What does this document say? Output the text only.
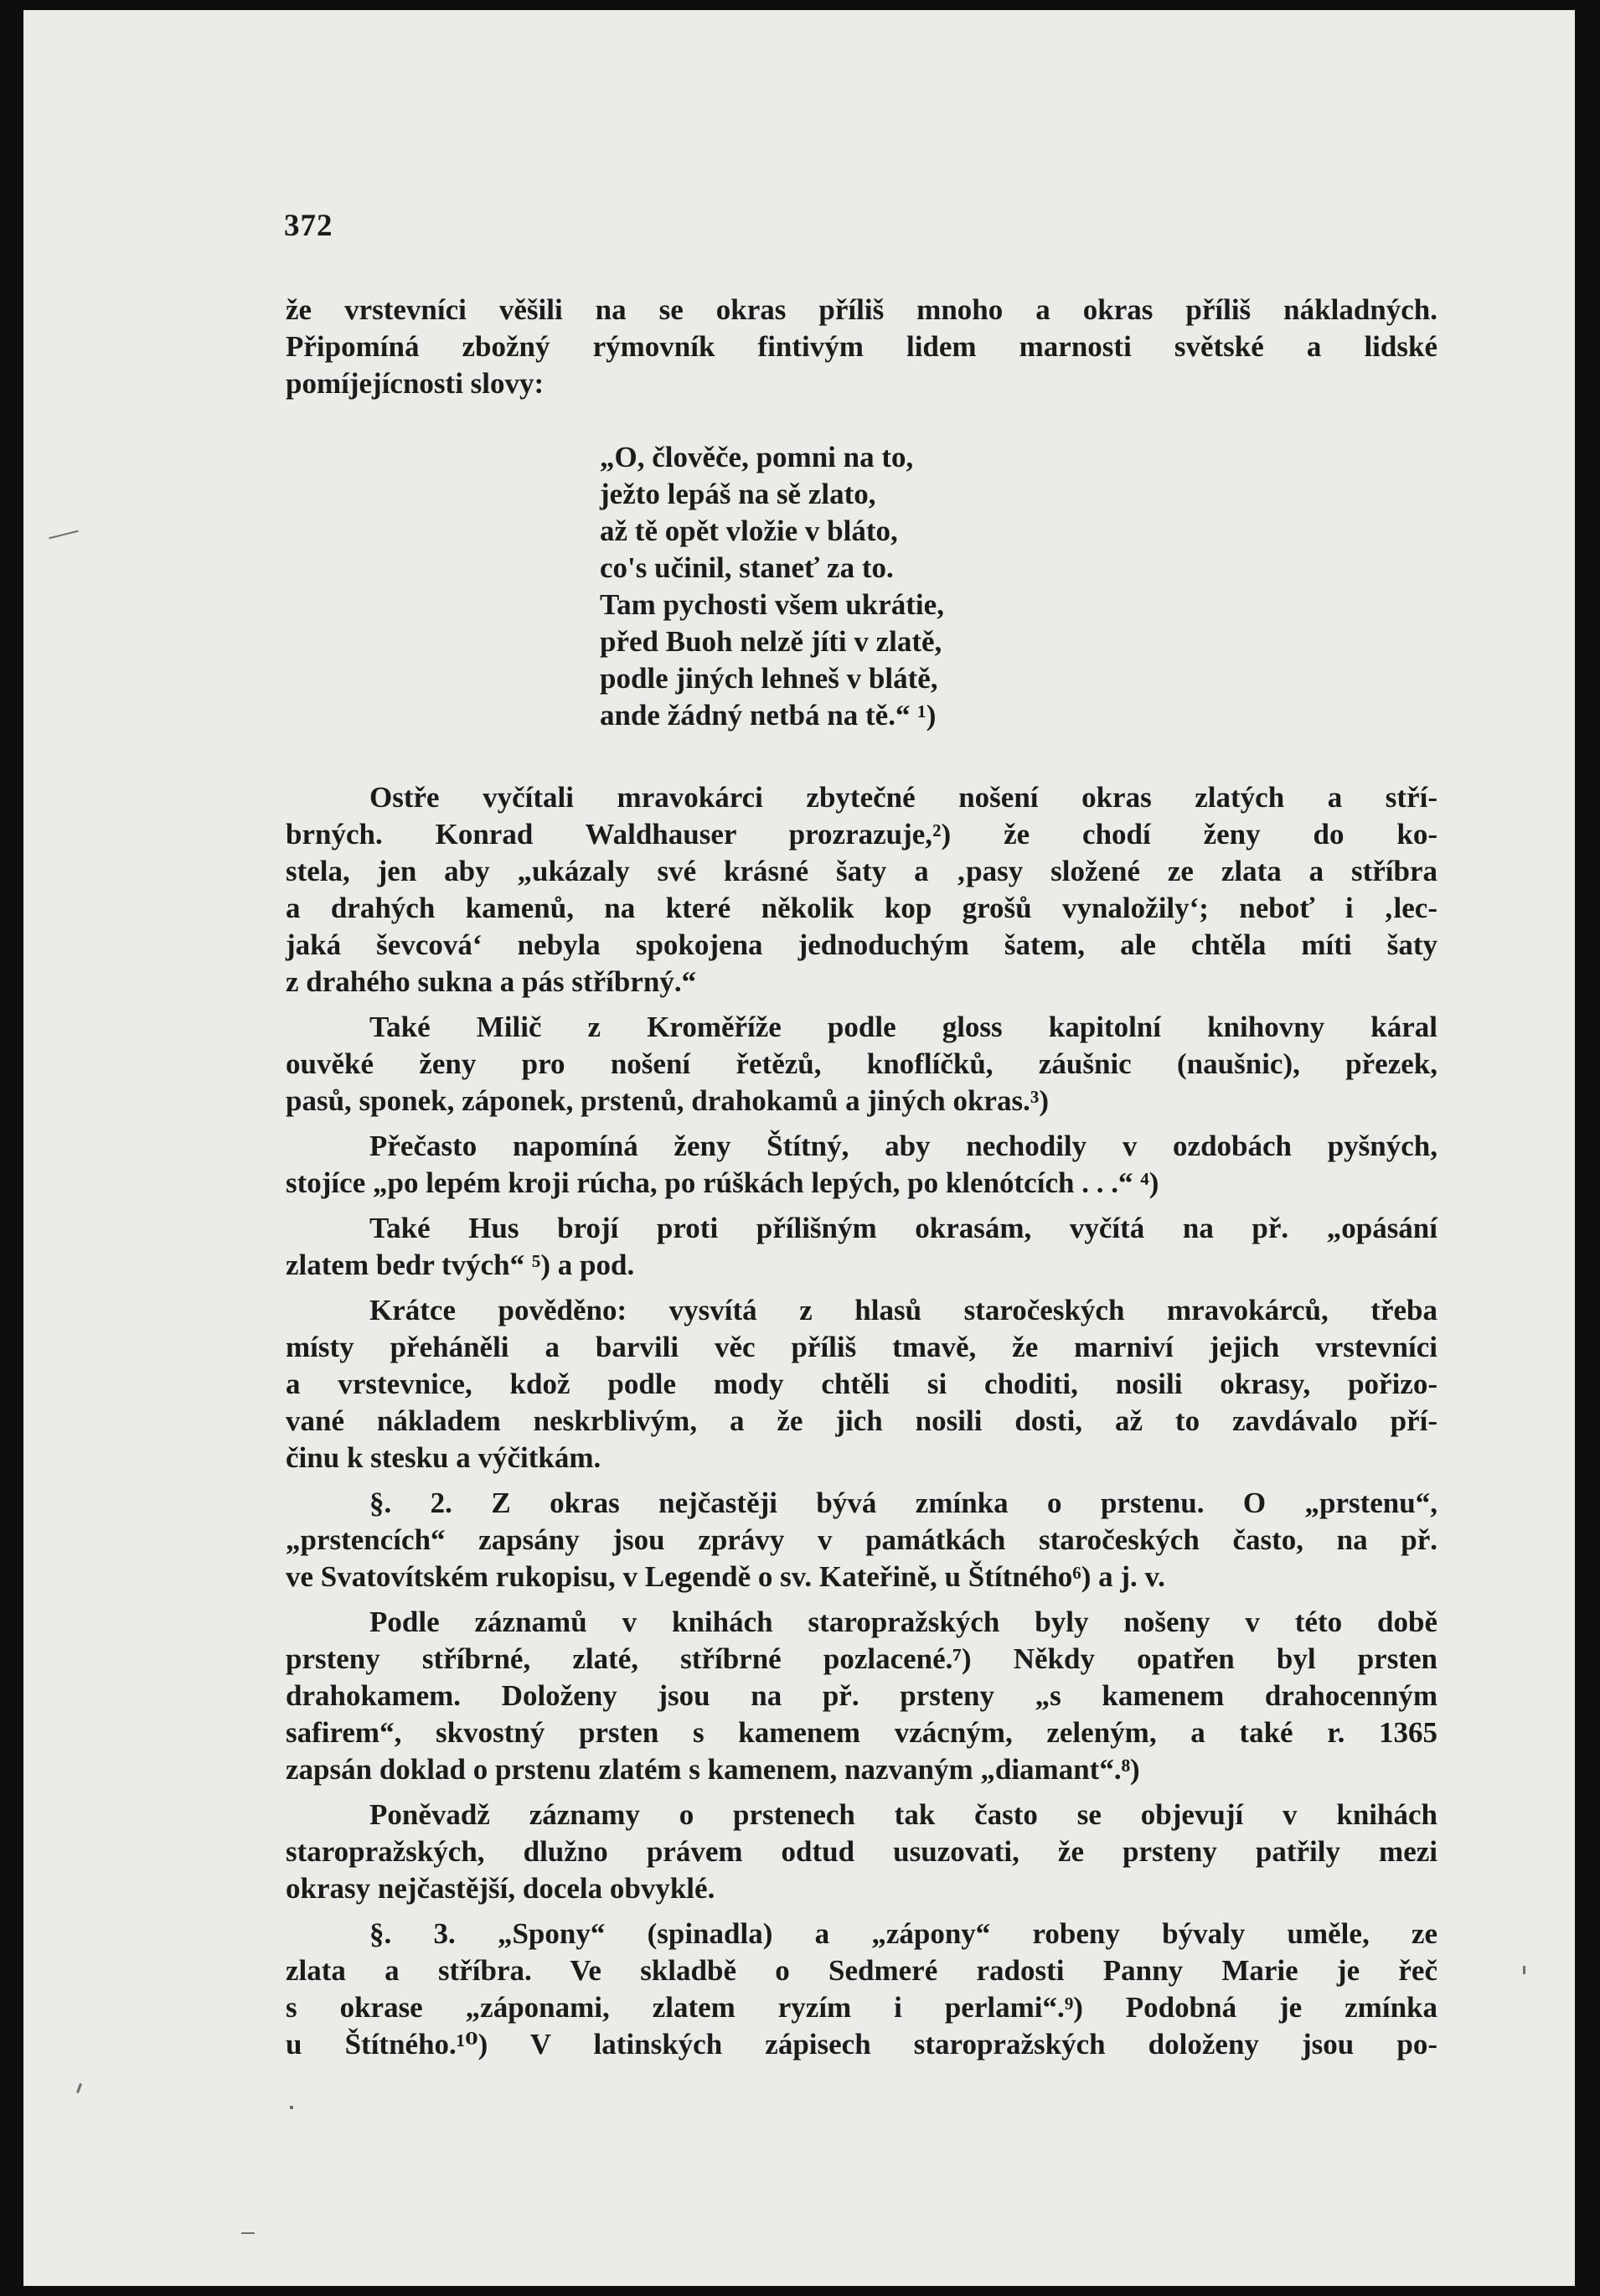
372
že vrstevníci věšili na se okras příliš mnoho a okras příliš nákladných.
Připomíná zbožný rýmovník fintivým lidem marnosti světské a lidské
pomíjejícnosti slovy:
„O, člověče, pomni na to,
ježto lepáš na sě zlato,
až tě opět vložie v bláto,
co's učinil, staneť za to.
Tam pychosti všem ukrátie,
před Buoh nelzě jíti v zlatě,
podle jiných lehneš v blátě,
ande žádný netbá na tě.“ ¹)
Ostře vyčítali mravokárci zbytečné nošení okras zlatých a stří-
brných. Konrad Waldhauser prozrazuje,²) že chodí ženy do ko-
stela, jen aby „ukázaly své krásné šaty a ‚pasy složené ze zlata a stříbra
a drahých kamenů, na které několik kop grošů vynaložily‘; neboť i ‚lec-
jaká ševcová‘ nebyla spokojena jednoduchým šatem, ale chtěla míti šaty
z drahého sukna a pás stříbrný.“
Také Milič z Kroměříže podle gloss kapitolní knihovny káral
ouvěké ženy pro nošení řetězů, knoflíčků, záušnic (naušnic), přezek,
pasů, sponek, záponek, prstenů, drahokamů a jiných okras.³)
Přečasto napomíná ženy Štítný, aby nechodily v ozdobách pyšných,
stojíce „po lepém kroji rúcha, po rúškách lepých, po klenótcích . . .“ ⁴)
Také Hus brojí proti přílišným okrasám, vyčítá na př. „opásání
zlatem bedr tvých“ ⁵) a pod.
Krátce pověděno: vysvítá z hlasů staročeských mravokárců, třeba
místy přeháněli a barvili věc příliš tmavě, že marniví jejich vrstevníci
a vrstevnice, kdož podle mody chtěli si choditi, nosili okrasy, pořizo-
vané nákladem neskrblivým, a že jich nosili dosti, až to zavdávalo pří-
činu k stesku a výčitkám.
§. 2. Z okras nejčastěji bývá zmínka o prstenu. O „prstenu“,
„prstencích“ zapsány jsou zprávy v památkách staročeských často, na př.
ve Svatovítském rukopisu, v Legendě o sv. Kateřině, u Štítného⁶) a j. v.
Podle záznamů v knihách staropražských byly nošeny v této době
prsteny stříbrné, zlaté, stříbrné pozlacené.⁷) Někdy opatřen byl prsten
drahokamem. Doloženy jsou na př. prsteny „s kamenem drahocenným
safirem“, skvostný prsten s kamenem vzácným, zeleným, a také r. 1365
zapsán doklad o prstenu zlatém s kamenem, nazvaným „diamant“.⁸)
Poněvadž záznamy o prstenech tak často se objevují v knihách
staropražských, dlužno právem odtud usuzovati, že prsteny patřily mezi
okrasy nejčastější, docela obvyklé.
§. 3. „Spony“ (spinadla) a „zápony“ robeny bývaly uměle, ze
zlata a stříbra. Ve skladbě o Sedmeré radosti Panny Marie je řeč
s okrase „záponami, zlatem ryzím i perlami“.⁹) Podobná je zmínka
u Štítného.¹⁰) V latinských zápisech staropražských doloženy jsou po-
